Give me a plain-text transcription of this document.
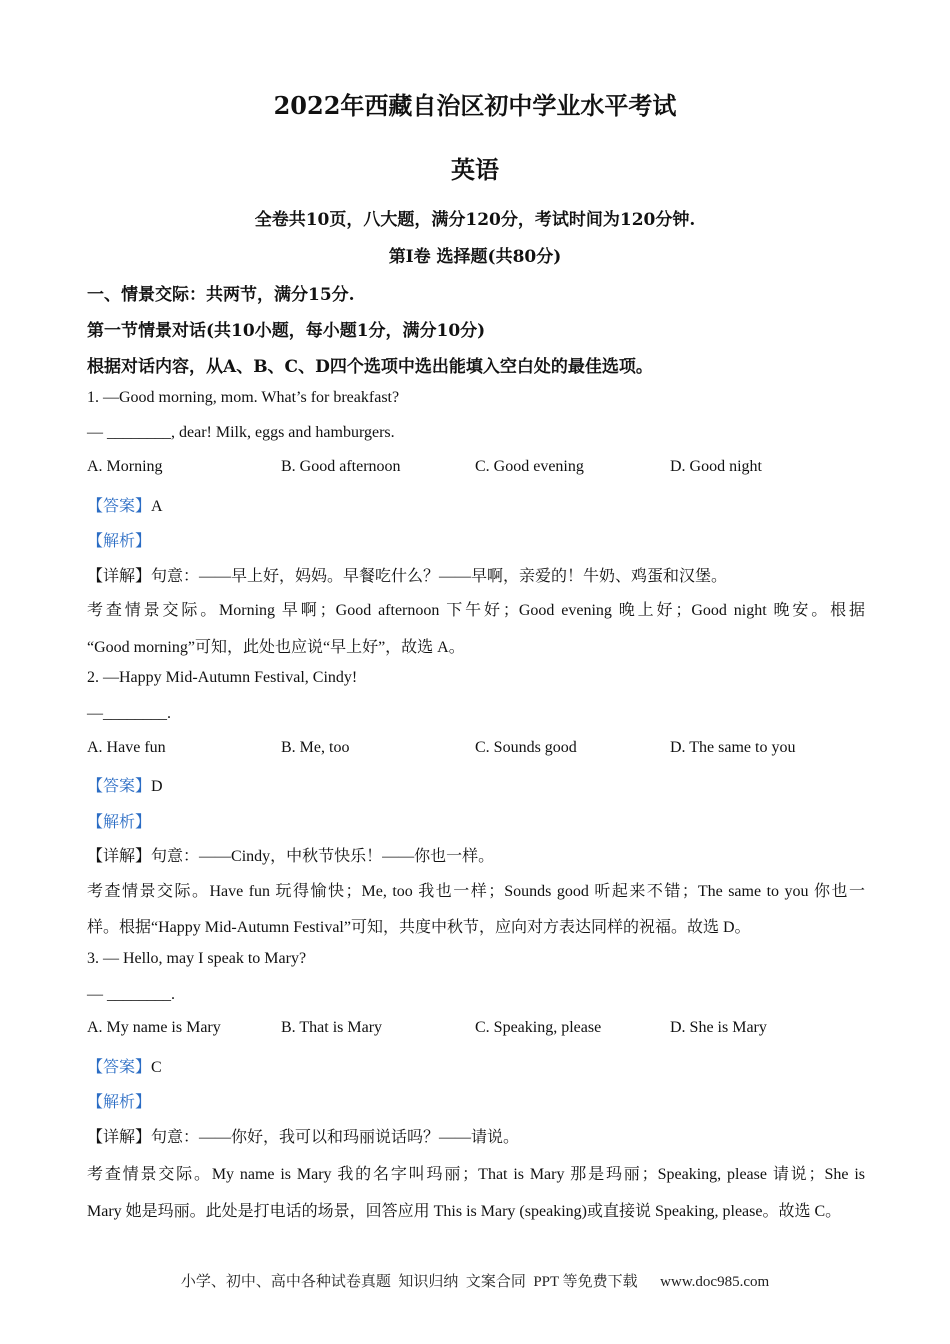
2022年西藏自治区初中学业水平考试
英语
全卷共10页，八大题，满分120分，考试时间为120分钟.
第Ⅰ卷 选择题(共80分)
一、情景交际：共两节，满分15分.
第一节情景对话(共10小题，每小题1分，满分10分)
根据对话内容，从A、B、C、D四个选项中选出能填入空白处的最佳选项。
1. —Good morning, mom. What’s for breakfast?
— ________, dear! Milk, eggs and hamburgers.
A. Morning	B. Good afternoon	C. Good evening	D. Good night
【答案】A
【解析】
【详解】句意：——早上好，妈妈。早餐吃什么？——早啊，亲爱的！牛奶、鸡蛋和汉堡。
考查情景交际。Morning 早啊；Good afternoon 下午好；Good evening 晚上好；Good night 晚安。根据
“Good morning”可知，此处也应说“早上好”，故选 A。
2. —Happy Mid-Autumn Festival, Cindy!
—________.
A. Have fun	B. Me, too	C. Sounds good	D. The same to you
【答案】D
【解析】
【详解】句意：——Cindy，中秋节快乐！——你也一样。
考查情景交际。Have fun 玩得愉快；Me, too 我也一样；Sounds good 听起来不错；The same to you 你也一
样。根据“Happy Mid-Autumn Festival”可知，共度中秋节，应向对方表达同样的祝福。故选 D。
3. — Hello, may I speak to Mary?
— ________.
A. My name is Mary	B. That is Mary	C. Speaking, please	D. She is Mary
【答案】C
【解析】
【详解】句意：——你好，我可以和玛丽说话吗？——请说。
考查情景交际。My name is Mary 我的名字叫玛丽；That is Mary 那是玛丽；Speaking, please 请说；She is
Mary 她是玛丽。此处是打电话的场景，回答应用 This is Mary (speaking)或直接说 Speaking, please。故选 C。
小学、初中、高中各种试卷真题  知识归纳  文案合同  PPT 等免费下载      www.doc985.com
